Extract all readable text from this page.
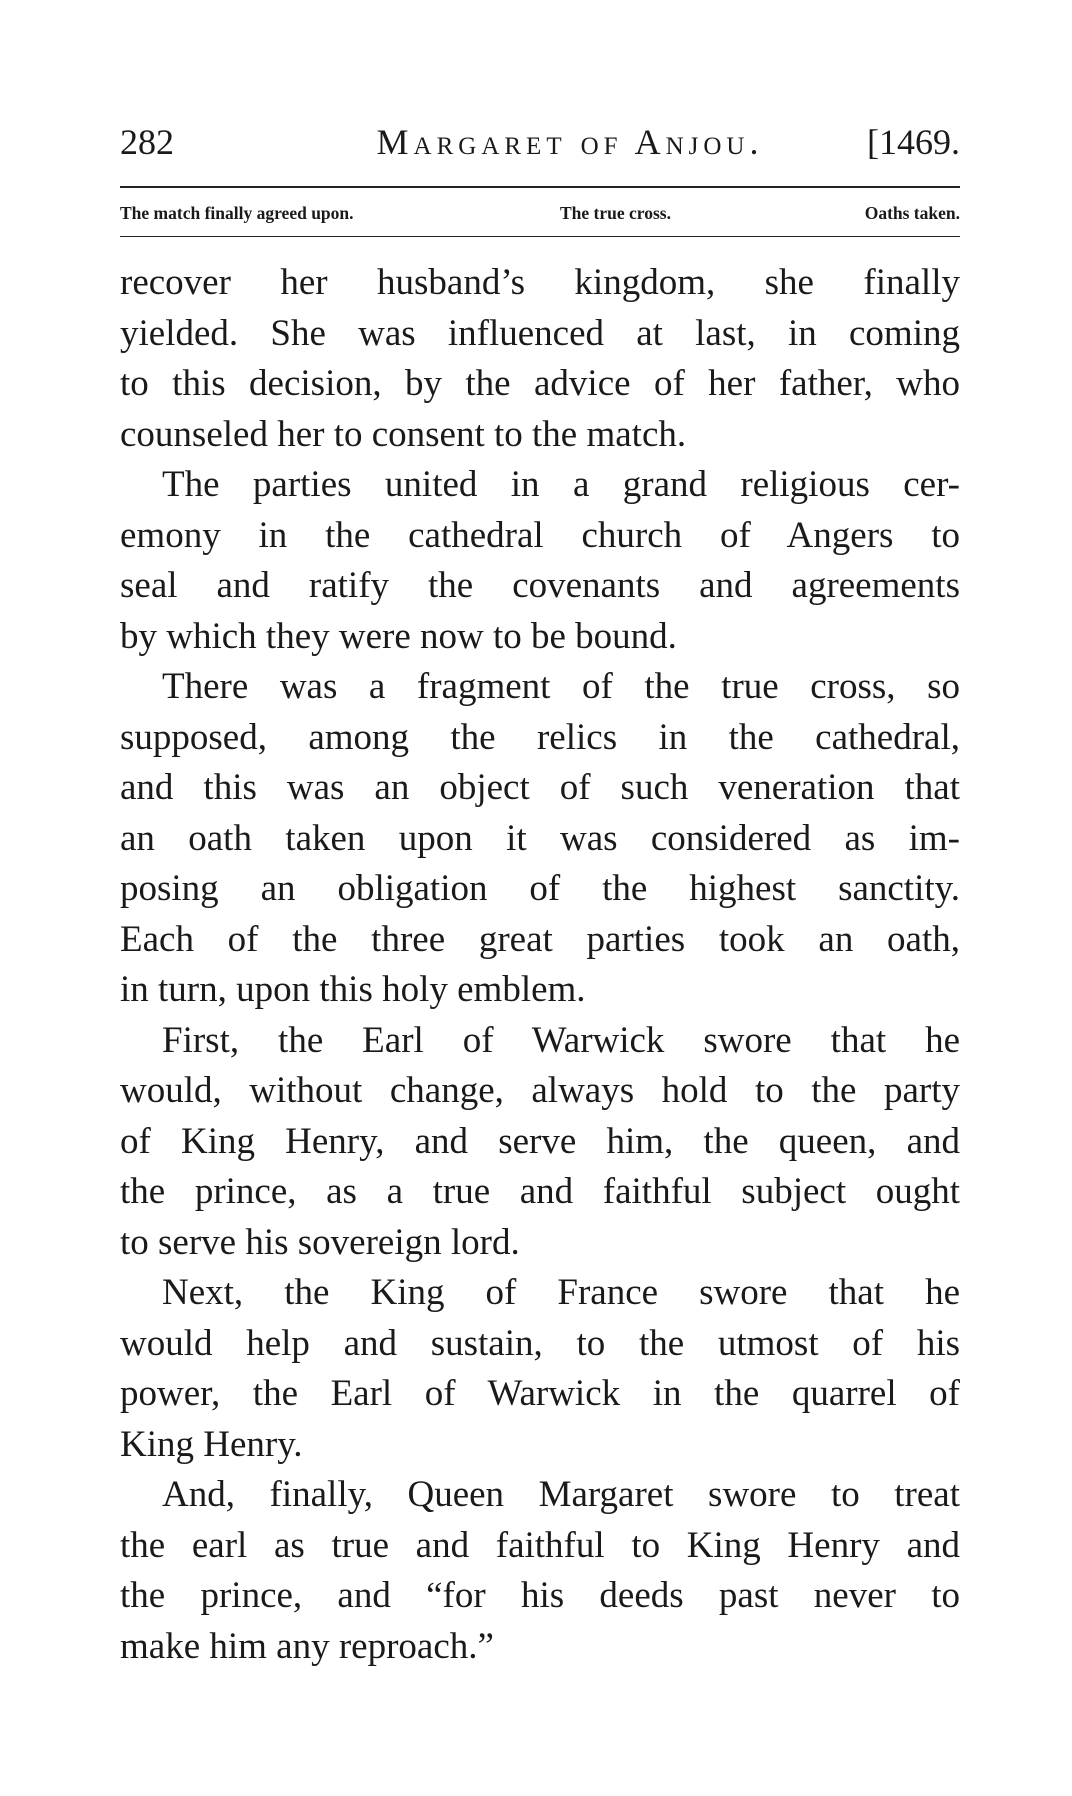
282	Margaret of Anjou.	[1469.
The match finally agreed upon.	The true cross.	Oaths taken.
recover her husband’s kingdom, she finally
yielded. She was influenced at last, in coming
to this decision, by the advice of her father, who
counseled her to consent to the match.
The parties united in a grand religious cer-
emony in the cathedral church of Angers to
seal and ratify the covenants and agreements
by which they were now to be bound.
There was a fragment of the true cross, so
supposed, among the relics in the cathedral,
and this was an object of such veneration that
an oath taken upon it was considered as im-
posing an obligation of the highest sanctity.
Each of the three great parties took an oath,
in turn, upon this holy emblem.
First, the Earl of Warwick swore that he
would, without change, always hold to the party
of King Henry, and serve him, the queen, and
the prince, as a true and faithful subject ought
to serve his sovereign lord.
Next, the King of France swore that he
would help and sustain, to the utmost of his
power, the Earl of Warwick in the quarrel of
King Henry.
And, finally, Queen Margaret swore to treat
the earl as true and faithful to King Henry and
the prince, and “for his deeds past never to
make him any reproach.”
